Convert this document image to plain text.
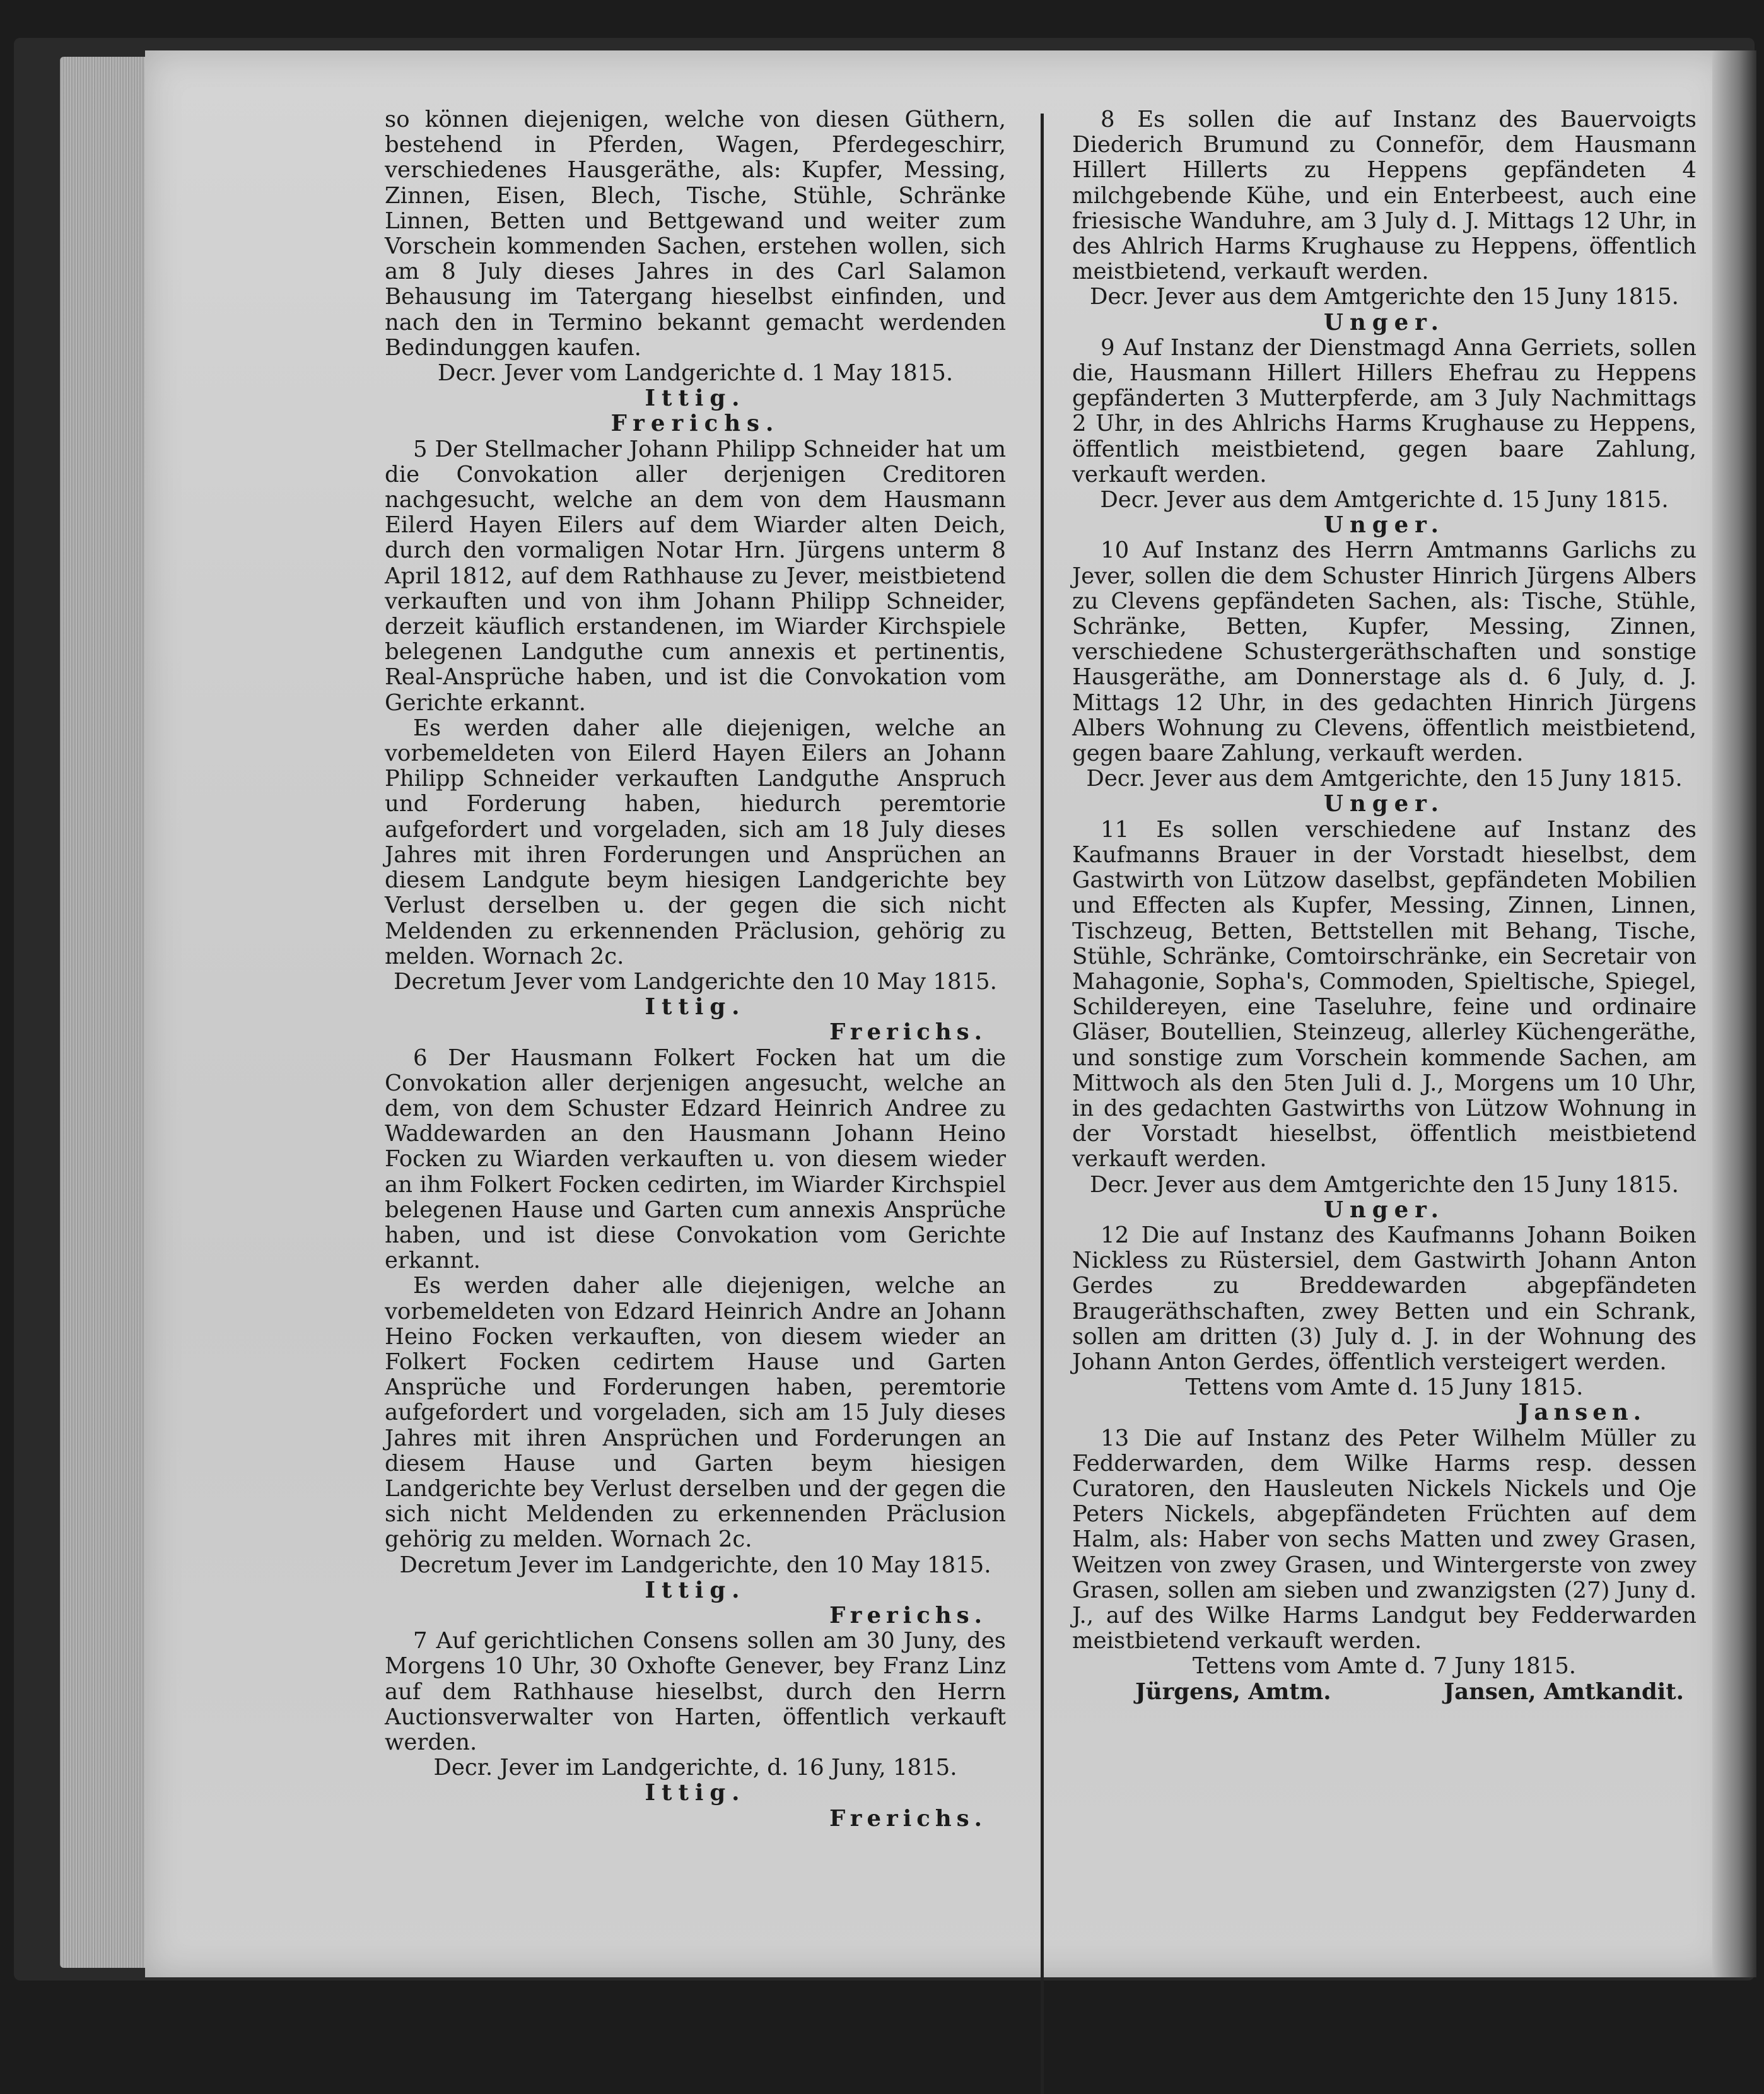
so können diejenigen, welche von diesen Güthern, bestehend in Pferden, Wagen, Pferdegeschirr, verschiedenes Hausgeräthe, als: Kupfer, Messing, Zinnen, Eisen, Blech, Tische, Stühle, Schränke Linnen, Betten und Bettgewand und weiter zum Vorschein kommenden Sachen, erstehen wollen, sich am 8 July dieses Jahres in des Carl Salamon Behausung im Tatergang hieselbst einfinden, und nach den in Termino bekannt gemacht werdenden Bedindunggen kaufen.

Decr. Jever vom Landgerichte d. 1 May 1815.

Ittig.

Frerichs.

5 Der Stellmacher Johann Philipp Schneider hat um die Convokation aller derjenigen Creditoren nachgesucht, welche an dem von dem Hausmann Eilerd Hayen Eilers auf dem Wiarder alten Deich, durch den vormaligen Notar Hrn. Jürgens unterm 8 April 1812, auf dem Rathhause zu Jever, meistbietend verkauften und von ihm Johann Philipp Schneider, derzeit käuflich erstandenen, im Wiarder Kirchspiele belegenen Landguthe cum annexis et pertinentis, Real-Ansprüche haben, und ist die Convokation vom Gerichte erkannt.

Es werden daher alle diejenigen, welche an vorbemeldeten von Eilerd Hayen Eilers an Johann Philipp Schneider verkauften Landguthe Anspruch und Forderung haben, hiedurch peremtorie aufgefordert und vorgeladen, sich am 18 July dieses Jahres mit ihren Forderungen und Ansprüchen an diesem Landgute beym hiesigen Landgerichte bey Verlust derselben u. der gegen die sich nicht Meldenden zu erkennenden Präclusion, gehörig zu melden. Wornach 2c.

Decretum Jever vom Landgerichte den 10 May 1815.

Ittig.

Frerichs.

6 Der Hausmann Folkert Focken hat um die Convokation aller derjenigen angesucht, welche an dem, von dem Schuster Edzard Heinrich Andree zu Waddewarden an den Hausmann Johann Heino Focken zu Wiarden verkauften u. von diesem wieder an ihm Folkert Focken cedirten, im Wiarder Kirchspiel belegenen Hause und Garten cum annexis Ansprüche haben, und ist diese Convokation vom Gerichte erkannt.

Es werden daher alle diejenigen, welche an vorbemeldeten von Edzard Heinrich Andre an Johann Heino Focken verkauften, von diesem wieder an Folkert Focken cedirtem Hause und Garten Ansprüche und Forderungen haben, peremtorie aufgefordert und vorgeladen, sich am 15 July dieses Jahres mit ihren Ansprüchen und Forderungen an diesem Hause und Garten beym hiesigen Landgerichte bey Verlust derselben und der gegen die sich nicht Meldenden zu erkennenden Präclusion gehörig zu melden. Wornach 2c.

Decretum Jever im Landgerichte, den 10 May 1815.

Ittig.

Frerichs.

7 Auf gerichtlichen Consens sollen am 30 Juny, des Morgens 10 Uhr, 30 Oxhofte Genever, bey Franz Linz auf dem Rathhause hieselbst, durch den Herrn Auctionsverwalter von Harten, öffentlich verkauft werden.

Decr. Jever im Landgerichte, d. 16 Juny, 1815.

Ittig.

Frerichs.

8 Es sollen die auf Instanz des Bauervoigts Diederich Brumund zu Connefōr, dem Hausmann Hillert Hillerts zu Heppens gepfändeten 4 milchgebende Kühe, und ein Enterbeest, auch eine friesische Wanduhre, am 3 July d. J. Mittags 12 Uhr, in des Ahlrich Harms Krughause zu Heppens, öffentlich meistbietend, verkauft werden.

Decr. Jever aus dem Amtgerichte den 15 Juny 1815.

Unger.

9 Auf Instanz der Dienstmagd Anna Gerriets, sollen die, Hausmann Hillert Hillers Ehefrau zu Heppens gepfänderten 3 Mutterpferde, am 3 July Nachmittags 2 Uhr, in des Ahlrichs Harms Krughause zu Heppens, öffentlich meistbietend, gegen baare Zahlung, verkauft werden.

Decr. Jever aus dem Amtgerichte d. 15 Juny 1815.

Unger.

10 Auf Instanz des Herrn Amtmanns Garlichs zu Jever, sollen die dem Schuster Hinrich Jürgens Albers zu Clevens gepfändeten Sachen, als: Tische, Stühle, Schränke, Betten, Kupfer, Messing, Zinnen, verschiedene Schustergeräthschaften und sonstige Hausgeräthe, am Donnerstage als d. 6 July, d. J. Mittags 12 Uhr, in des gedachten Hinrich Jürgens Albers Wohnung zu Clevens, öffentlich meistbietend, gegen baare Zahlung, verkauft werden.

Decr. Jever aus dem Amtgerichte, den 15 Juny 1815.

Unger.

11 Es sollen verschiedene auf Instanz des Kaufmanns Brauer in der Vorstadt hieselbst, dem Gastwirth von Lützow daselbst, gepfändeten Mobilien und Effecten als Kupfer, Messing, Zinnen, Linnen, Tischzeug, Betten, Bettstellen mit Behang, Tische, Stühle, Schränke, Comtoirschränke, ein Secretair von Mahagonie, Sopha's, Commoden, Spieltische, Spiegel, Schildereyen, eine Taseluhre, feine und ordinaire Gläser, Boutellien, Steinzeug, allerley Küchengeräthe, und sonstige zum Vorschein kommende Sachen, am Mittwoch als den 5ten Juli d. J., Morgens um 10 Uhr, in des gedachten Gastwirths von Lützow Wohnung in der Vorstadt hieselbst, öffentlich meistbietend verkauft werden.

Decr. Jever aus dem Amtgerichte den 15 Juny 1815.

Unger.

12 Die auf Instanz des Kaufmanns Johann Boiken Nickless zu Rüstersiel, dem Gastwirth Johann Anton Gerdes zu Breddewarden abgepfändeten Braugeräthschaften, zwey Betten und ein Schrank, sollen am dritten (3) July d. J. in der Wohnung des Johann Anton Gerdes, öffentlich versteigert werden.

Tettens vom Amte d. 15 Juny 1815.

Jansen.

13 Die auf Instanz des Peter Wilhelm Müller zu Fedderwarden, dem Wilke Harms resp. dessen Curatoren, den Hausleuten Nickels Nickels und Oje Peters Nickels, abgepfändeten Früchten auf dem Halm, als: Haber von sechs Matten und zwey Grasen, Weitzen von zwey Grasen, und Wintergerste von zwey Grasen, sollen am sieben und zwanzigsten (27) Juny d. J., auf des Wilke Harms Landgut bey Fedderwarden meistbietend verkauft werden.

Tettens vom Amte d. 7 Juny 1815.

Jürgens, Amtm.	Jansen, Amtkandit.
